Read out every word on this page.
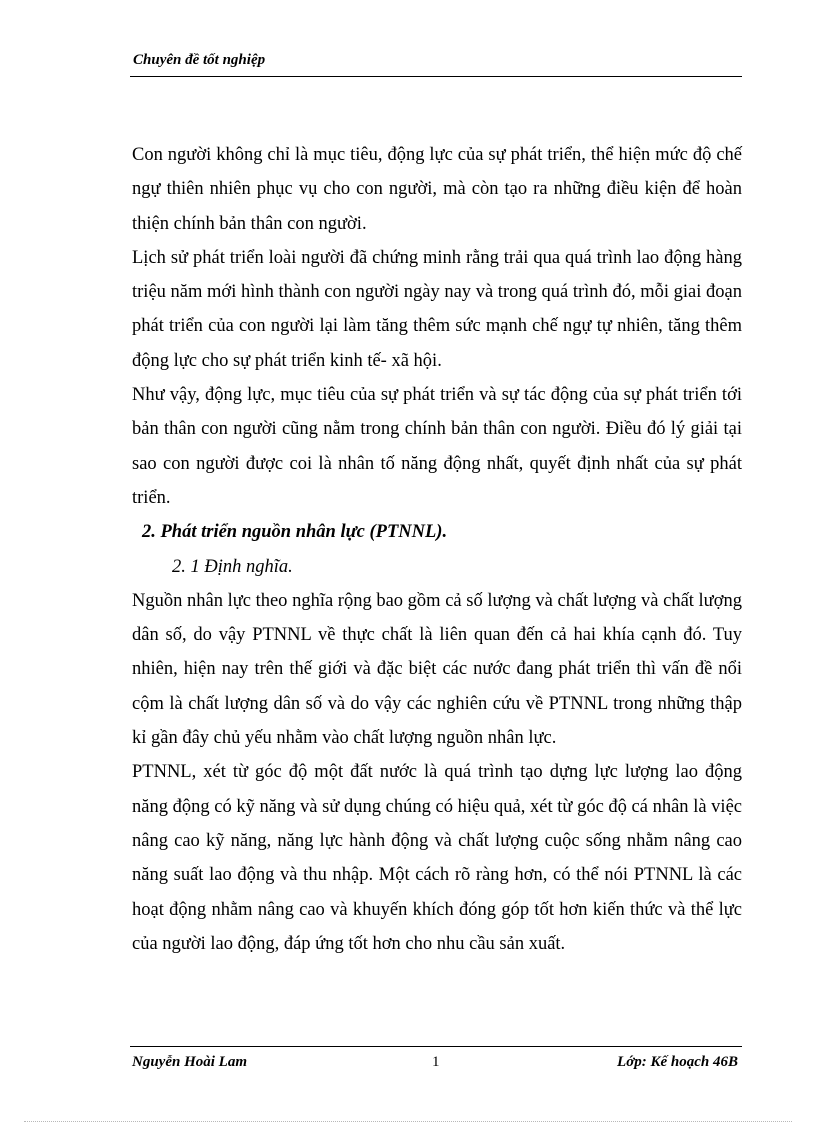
Chuyên đề tốt nghiệp

Con người không chỉ là mục tiêu, động lực của sự phát triển, thể hiện mức độ chế ngự thiên nhiên phục vụ cho con người, mà còn tạo ra những điều kiện để hoàn thiện chính bản thân con người.

Lịch sử phát triển loài người đã chứng minh rằng trải qua quá trình lao động hàng triệu năm mới hình thành con người ngày nay và trong quá trình đó, mỗi giai đoạn phát triển của con người lại làm tăng thêm sức mạnh chế ngự tự nhiên, tăng thêm động lực cho sự phát triển kinh tế- xã hội.

Như vậy, động lực, mục tiêu của sự phát triển và sự tác động của sự phát triển tới bản thân con người cũng nằm trong chính bản thân con người. Điều đó lý giải tại sao con người được coi là nhân tố năng động nhất, quyết định nhất của sự phát triển.

2. Phát triển nguồn nhân lực (PTNNL).

2. 1 Định nghĩa.

Nguồn nhân lực theo nghĩa rộng bao gồm cả số lượng và chất lượng và chất lượng dân số, do vậy PTNNL về thực chất là liên quan đến cả hai khía cạnh đó. Tuy nhiên, hiện nay trên thế giới và đặc biệt các nước đang phát triển thì vấn đề nổi cộm là chất lượng dân số và do vậy các nghiên cứu về PTNNL trong những thập kỉ gần đây chủ yếu nhằm vào chất lượng nguồn nhân lực.

PTNNL, xét từ góc độ một đất nước là quá trình tạo dựng lực lượng lao động năng động có kỹ năng và sử dụng chúng có hiệu quả, xét từ góc độ cá nhân là việc nâng cao kỹ năng, năng lực hành động và chất lượng cuộc sống nhằm nâng cao năng suất lao động và thu nhập. Một cách rõ ràng hơn, có thể nói PTNNL là các hoạt động nhằm nâng cao và khuyến khích đóng góp tốt hơn kiến thức và thể lực của người lao động, đáp ứng tốt hơn cho nhu cầu sản xuất.

Nguyễn Hoài Lam	1	Lớp: Kế hoạch 46B
